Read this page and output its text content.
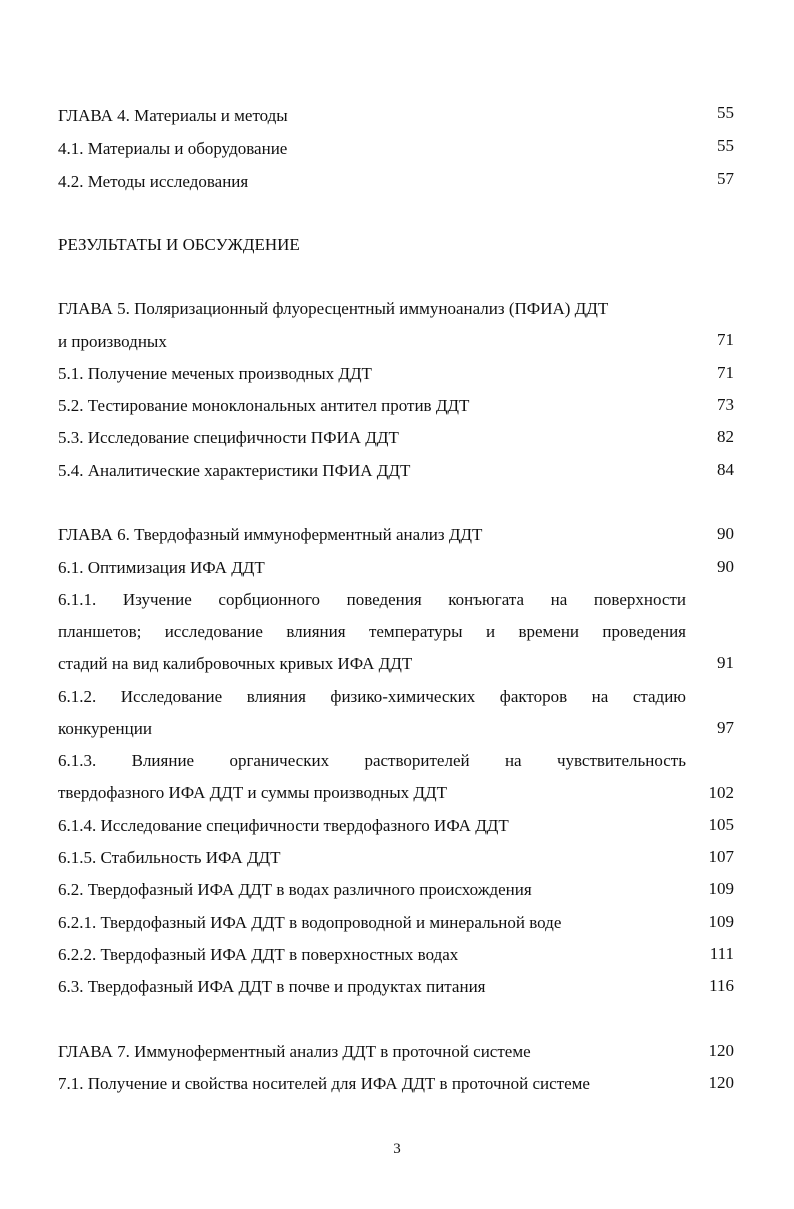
ГЛАВА 4. Материалы и методы	55
4.1. Материалы и оборудование	55
4.2. Методы исследования	57
РЕЗУЛЬТАТЫ И ОБСУЖДЕНИЕ
ГЛАВА 5. Поляризационный флуоресцентный иммуноанализ (ПФИА) ДДТ
и производных	71
5.1. Получение меченых производных ДДТ	71
5.2. Тестирование моноклональных антител против ДДТ	73
5.3. Исследование специфичности ПФИА ДДТ	82
5.4. Аналитические характеристики ПФИА ДДТ	84
ГЛАВА 6. Твердофазный иммуноферментный анализ ДДТ	90
6.1. Оптимизация ИФА ДДТ	90
6.1.1. Изучение сорбционного поведения конъюгата на поверхности
планшетов; исследование влияния температуры и времени проведения
стадий на вид калибровочных кривых ИФА ДДТ	91
6.1.2. Исследование влияния физико-химических факторов на стадию
конкуренции	97
6.1.3. Влияние органических растворителей на чувствительность
твердофазного ИФА ДДТ и суммы производных ДДТ	102
6.1.4. Исследование специфичности твердофазного ИФА ДДТ	105
6.1.5. Стабильность ИФА ДДТ	107
6.2. Твердофазный ИФА ДДТ в водах различного происхождения	109
6.2.1. Твердофазный ИФА ДДТ в водопроводной и минеральной воде	109
6.2.2. Твердофазный ИФА ДДТ в поверхностных водах	111
6.3. Твердофазный ИФА ДДТ в почве и продуктах питания	116
ГЛАВА 7. Иммуноферментный анализ ДДТ в проточной системе	120
7.1. Получение и свойства носителей для ИФА ДДТ в проточной системе	120
3
